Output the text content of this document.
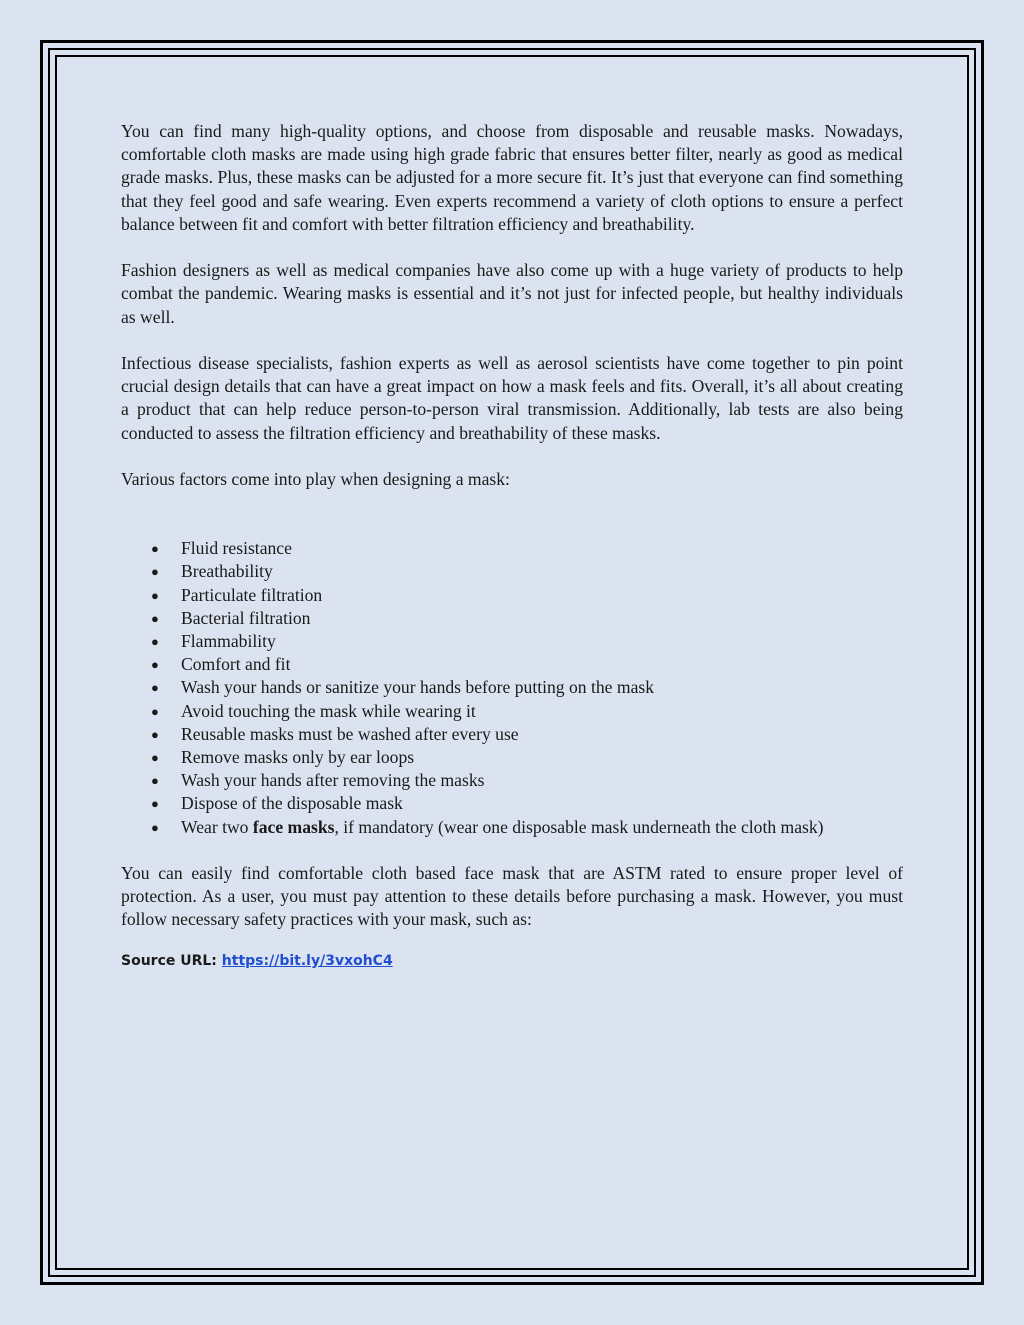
You can find many high-quality options, and choose from disposable and reusable masks. Nowadays, comfortable cloth masks are made using high grade fabric that ensures better filter, nearly as good as medical grade masks. Plus, these masks can be adjusted for a more secure fit. It’s just that everyone can find something that they feel good and safe wearing. Even experts recommend a variety of cloth options to ensure a perfect balance between fit and comfort with better filtration efficiency and breathability.

Fashion designers as well as medical companies have also come up with a huge variety of products to help combat the pandemic. Wearing masks is essential and it’s not just for infected people, but healthy individuals as well.

Infectious disease specialists, fashion experts as well as aerosol scientists have come together to pin point crucial design details that can have a great impact on how a mask feels and fits. Overall, it’s all about creating a product that can help reduce person-to-person viral transmission. Additionally, lab tests are also being conducted to assess the filtration efficiency and breathability of these masks.

Various factors come into play when designing a mask:

● Fluid resistance
● Breathability
● Particulate filtration
● Bacterial filtration
● Flammability
● Comfort and fit
● Wash your hands or sanitize your hands before putting on the mask
● Avoid touching the mask while wearing it
● Reusable masks must be washed after every use
● Remove masks only by ear loops
● Wash your hands after removing the masks
● Dispose of the disposable mask
● Wear two face masks, if mandatory (wear one disposable mask underneath the cloth mask)

You can easily find comfortable cloth based face mask that are ASTM rated to ensure proper level of protection. As a user, you must pay attention to these details before purchasing a mask. However, you must follow necessary safety practices with your mask, such as:

Source URL: https://bit.ly/3vxohC4
